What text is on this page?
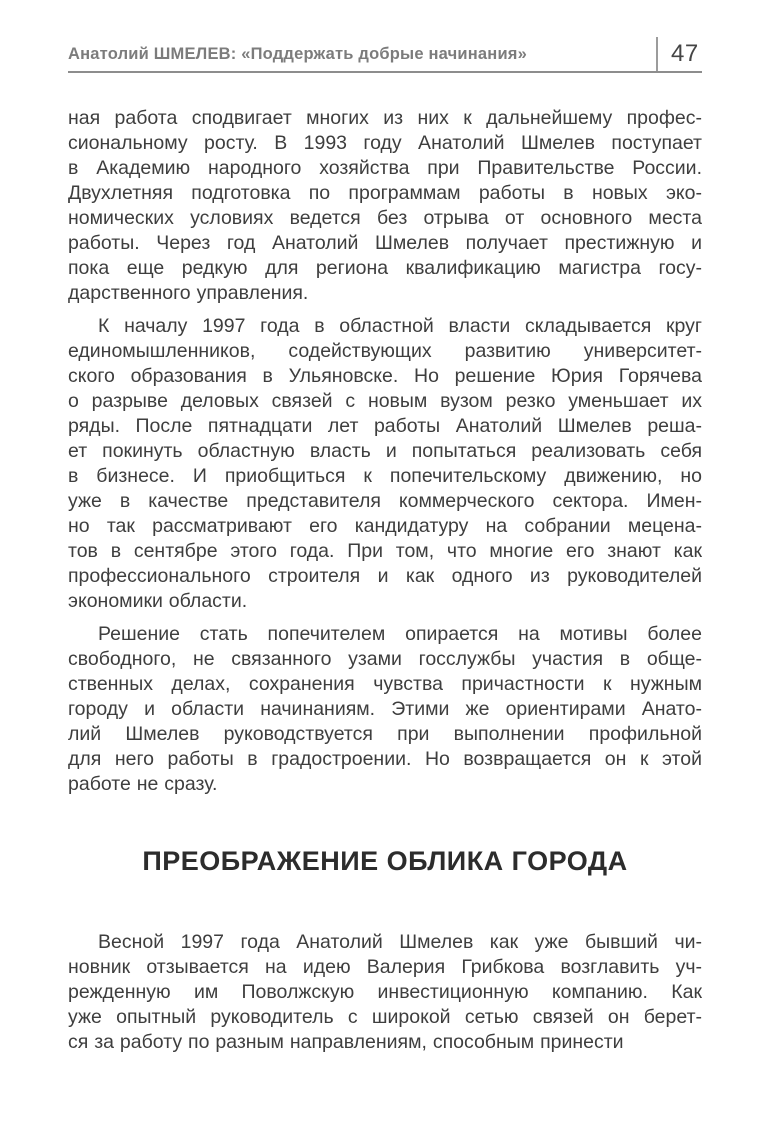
Анатолий ШМЕЛЕВ: «Поддержать добрые начинания»	47

ная работа сподвигает многих из них к дальнейшему профес-
сиональному росту. В 1993 году Анатолий Шмелев поступает
в Академию народного хозяйства при Правительстве России.
Двухлетняя подготовка по программам работы в новых эко-
номических условиях ведется без отрыва от основного места
работы. Через год Анатолий Шмелев получает престижную и
пока еще редкую для региона квалификацию магистра госу-
дарственного управления.

К началу 1997 года в областной власти складывается круг
единомышленников, содействующих развитию университет-
ского образования в Ульяновске. Но решение Юрия Горячева
о разрыве деловых связей с новым вузом резко уменьшает их
ряды. После пятнадцати лет работы Анатолий Шмелев реша-
ет покинуть областную власть и попытаться реализовать себя
в бизнесе. И приобщиться к попечительскому движению, но
уже в качестве представителя коммерческого сектора. Имен-
но так рассматривают его кандидатуру на собрании мецена-
тов в сентябре этого года. При том, что многие его знают как
профессионального строителя и как одного из руководителей
экономики области.

Решение стать попечителем опирается на мотивы более
свободного, не связанного узами госслужбы участия в обще-
ственных делах, сохранения чувства причастности к нужным
городу и области начинаниям. Этими же ориентирами Анато-
лий Шмелев руководствуется при выполнении профильной
для него работы в градостроении. Но возвращается он к этой
работе не сразу.

ПРЕОБРАЖЕНИЕ ОБЛИКА ГОРОДА

Весной 1997 года Анатолий Шмелев как уже бывший чи-
новник отзывается на идею Валерия Грибкова возглавить уч-
режденную им Поволжскую инвестиционную компанию. Как
уже опытный руководитель с широкой сетью связей он берет-
ся за работу по разным направлениям, способным принести
